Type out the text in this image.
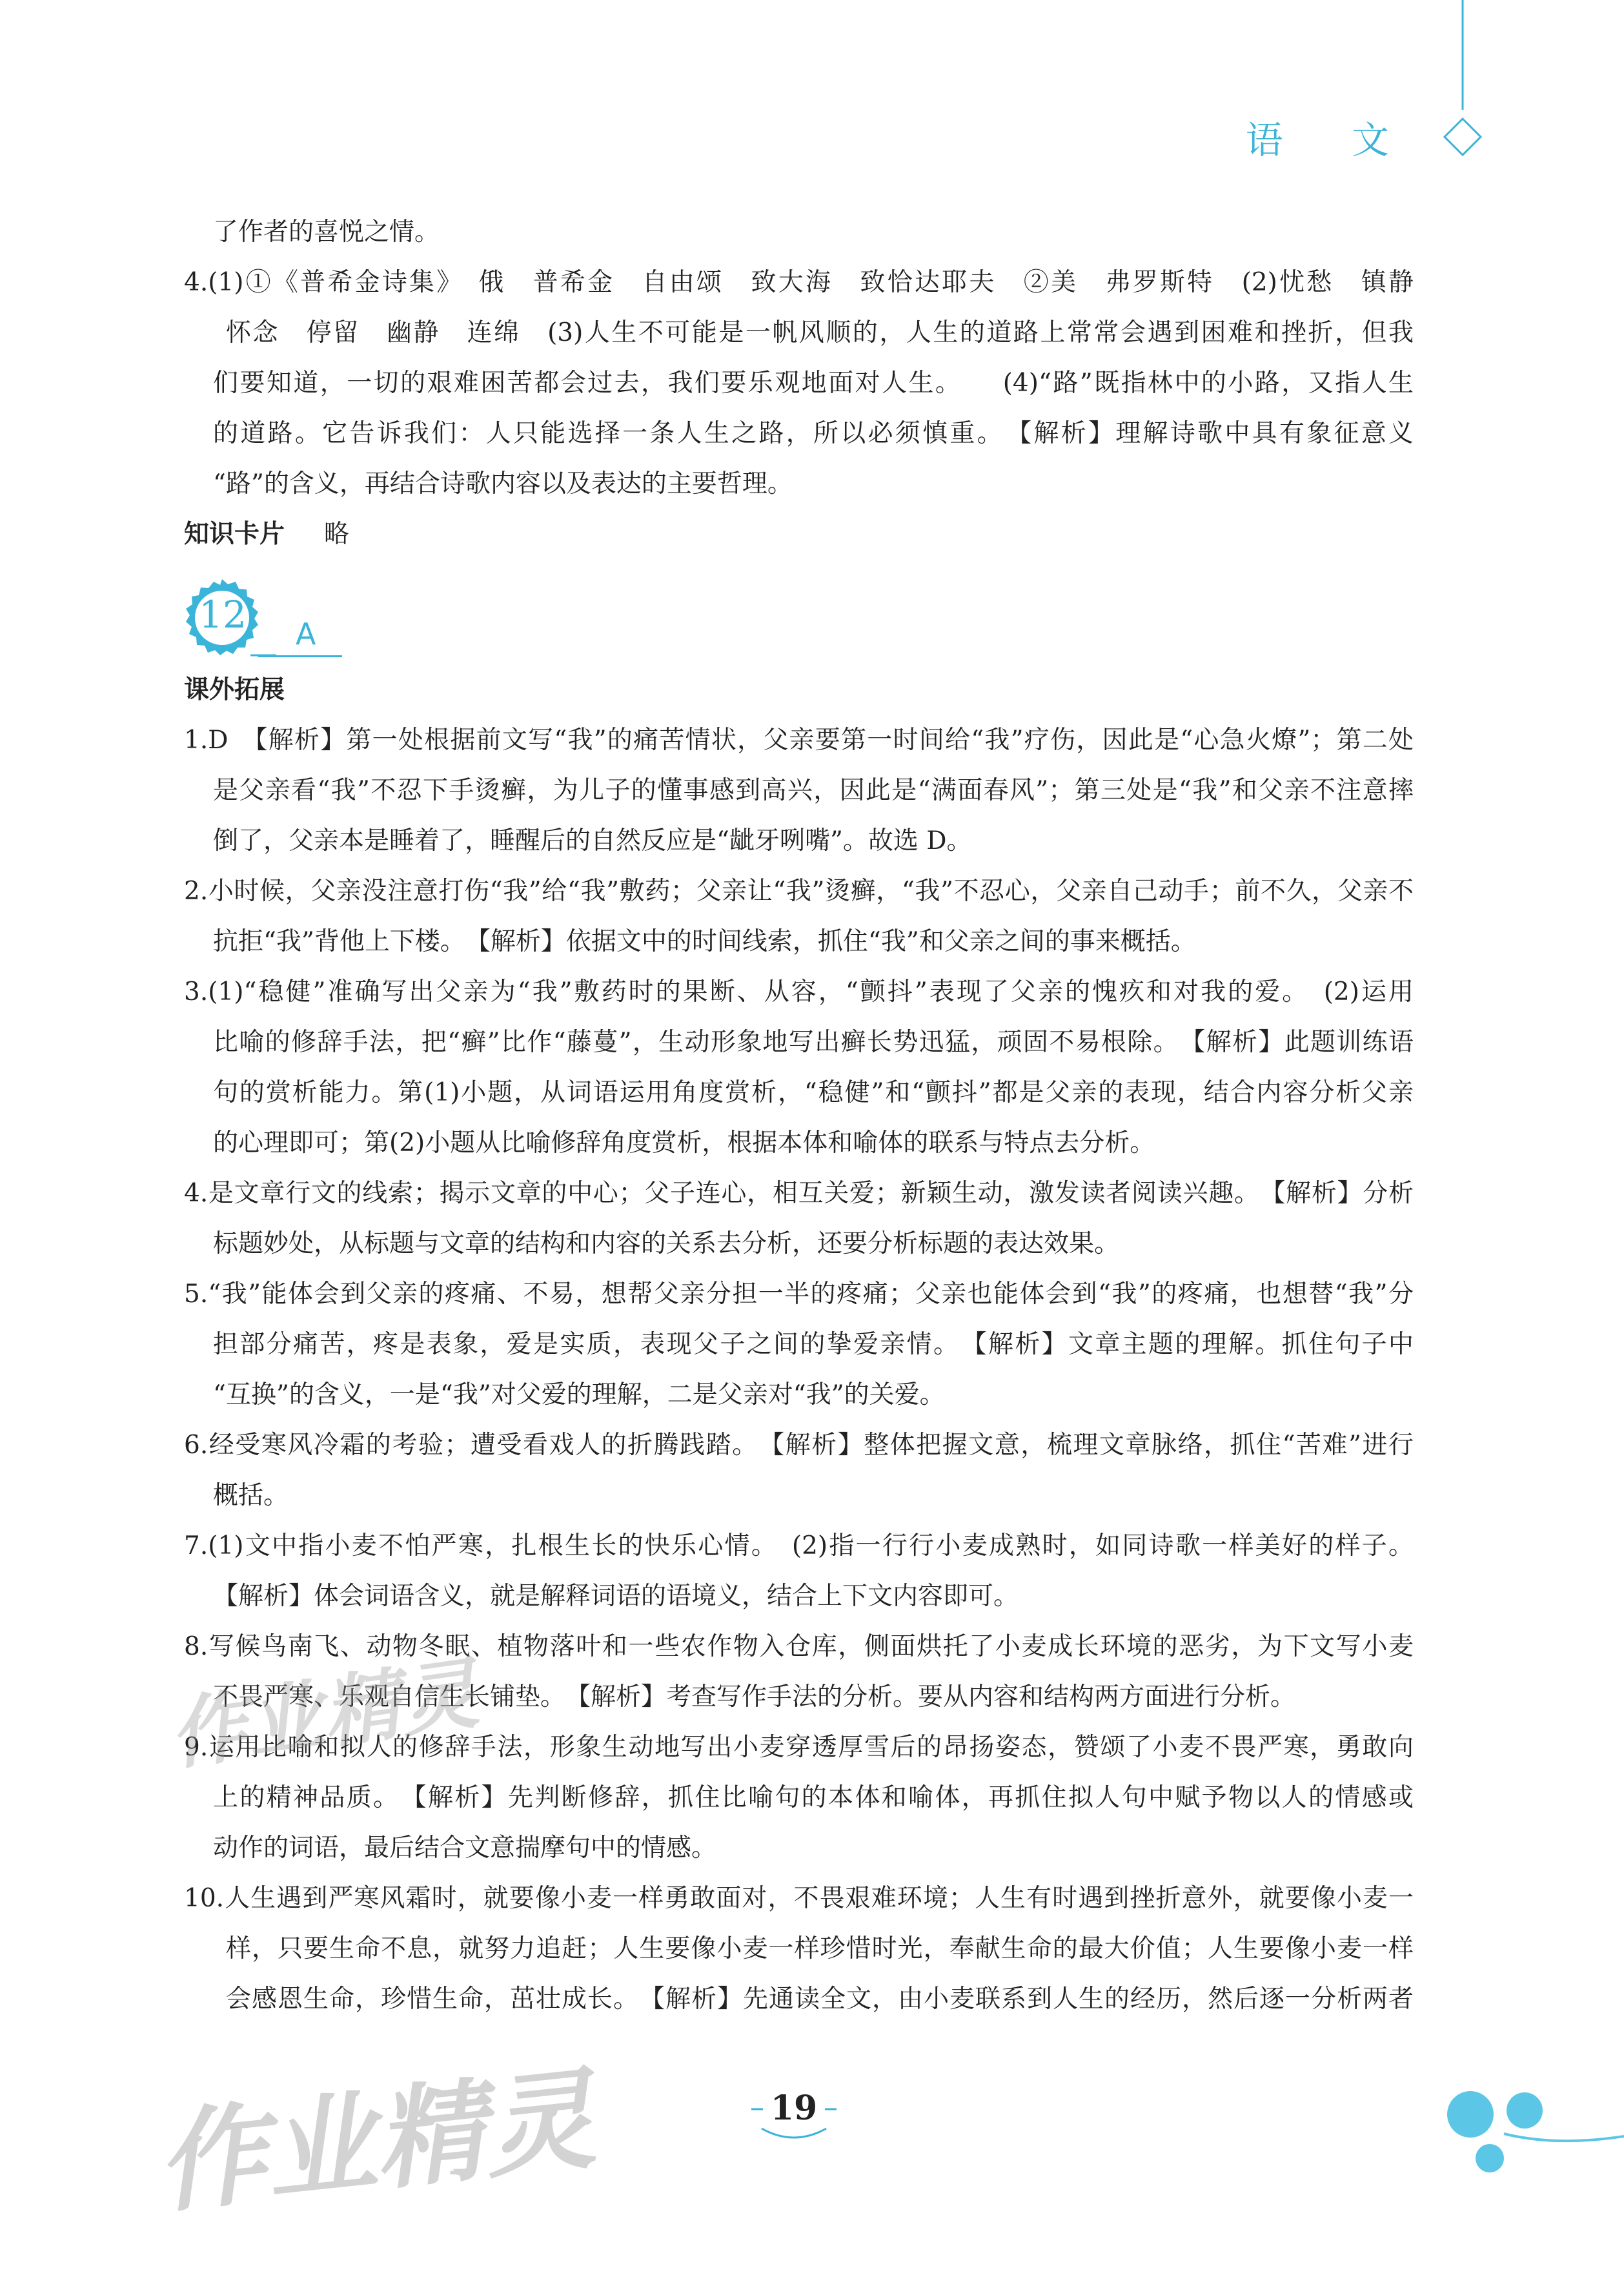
语 文
了作者的喜悦之情。
4.(1)①《普希金诗集》　俄　普希金　自由颂　致大海　致恰达耶夫　②美　弗罗斯特　(2)忧愁　镇静
怀念　停留　幽静　连绵　(3)人生不可能是一帆风顺的，人生的道路上常常会遇到困难和挫折，但我
们要知道，一切的艰难困苦都会过去，我们要乐观地面对人生。　　(4)“路”既指林中的小路，又指人生
的道路。它告诉我们：人只能选择一条人生之路，所以必须慎重。　【解析】理解诗歌中具有象征意义
“路”的含义，再结合诗歌内容以及表达的主要哲理。
知识卡片 略
12 A
课外拓展
1.D　【解析】第一处根据前文写“我”的痛苦情状，父亲要第一时间给“我”疗伤，因此是“心急火燎”；第二处
是父亲看“我”不忍下手烫癣，为儿子的懂事感到高兴，因此是“满面春风”；第三处是“我”和父亲不注意摔
倒了，父亲本是睡着了，睡醒后的自然反应是“龇牙咧嘴”。故选 D。
2.小时候，父亲没注意打伤“我”给“我”敷药；父亲让“我”烫癣，“我”不忍心，父亲自己动手；前不久，父亲不
抗拒“我”背他上下楼。　【解析】依据文中的时间线索，抓住“我”和父亲之间的事来概括。
3.(1)“稳健”准确写出父亲为“我”敷药时的果断、从容，“颤抖”表现了父亲的愧疚和对我的爱。　(2)运用
比喻的修辞手法，把“癣”比作“藤蔓”，生动形象地写出癣长势迅猛，顽固不易根除。　【解析】此题训练语
句的赏析能力。第(1)小题，从词语运用角度赏析，“稳健”和“颤抖”都是父亲的表现，结合内容分析父亲
的心理即可；第(2)小题从比喻修辞角度赏析，根据本体和喻体的联系与特点去分析。
4.是文章行文的线索；揭示文章的中心；父子连心，相互关爱；新颖生动，激发读者阅读兴趣。　【解析】分析
标题妙处，从标题与文章的结构和内容的关系去分析，还要分析标题的表达效果。
5.“我”能体会到父亲的疼痛、不易，想帮父亲分担一半的疼痛；父亲也能体会到“我”的疼痛，也想替“我”分
担部分痛苦，疼是表象，爱是实质，表现父子之间的挚爱亲情。　【解析】文章主题的理解。抓住句子中
“互换”的含义，一是“我”对父爱的理解，二是父亲对“我”的关爱。
6.经受寒风冷霜的考验；遭受看戏人的折腾践踏。　【解析】整体把握文意，梳理文章脉络，抓住“苦难”进行
概括。
7.(1)文中指小麦不怕严寒，扎根生长的快乐心情。　(2)指一行行小麦成熟时，如同诗歌一样美好的样子。
【解析】体会词语含义，就是解释词语的语境义，结合上下文内容即可。
8.写候鸟南飞、动物冬眠、植物落叶和一些农作物入仓库，侧面烘托了小麦成长环境的恶劣，为下文写小麦
不畏严寒、乐观自信生长铺垫。　【解析】考查写作手法的分析。要从内容和结构两方面进行分析。
9.运用比喻和拟人的修辞手法，形象生动地写出小麦穿透厚雪后的昂扬姿态，赞颂了小麦不畏严寒，勇敢向
上的精神品质。　【解析】先判断修辞，抓住比喻句的本体和喻体，再抓住拟人句中赋予物以人的情感或
动作的词语，最后结合文意揣摩句中的情感。
10.人生遇到严寒风霜时，就要像小麦一样勇敢面对，不畏艰难环境；人生有时遇到挫折意外，就要像小麦一
样，只要生命不息，就努力追赶；人生要像小麦一样珍惜时光，奉献生命的最大价值；人生要像小麦一样
会感恩生命，珍惜生命，茁壮成长。　【解析】先通读全文，由小麦联系到人生的经历，然后逐一分析两者
作业精灵
作业精灵	19
